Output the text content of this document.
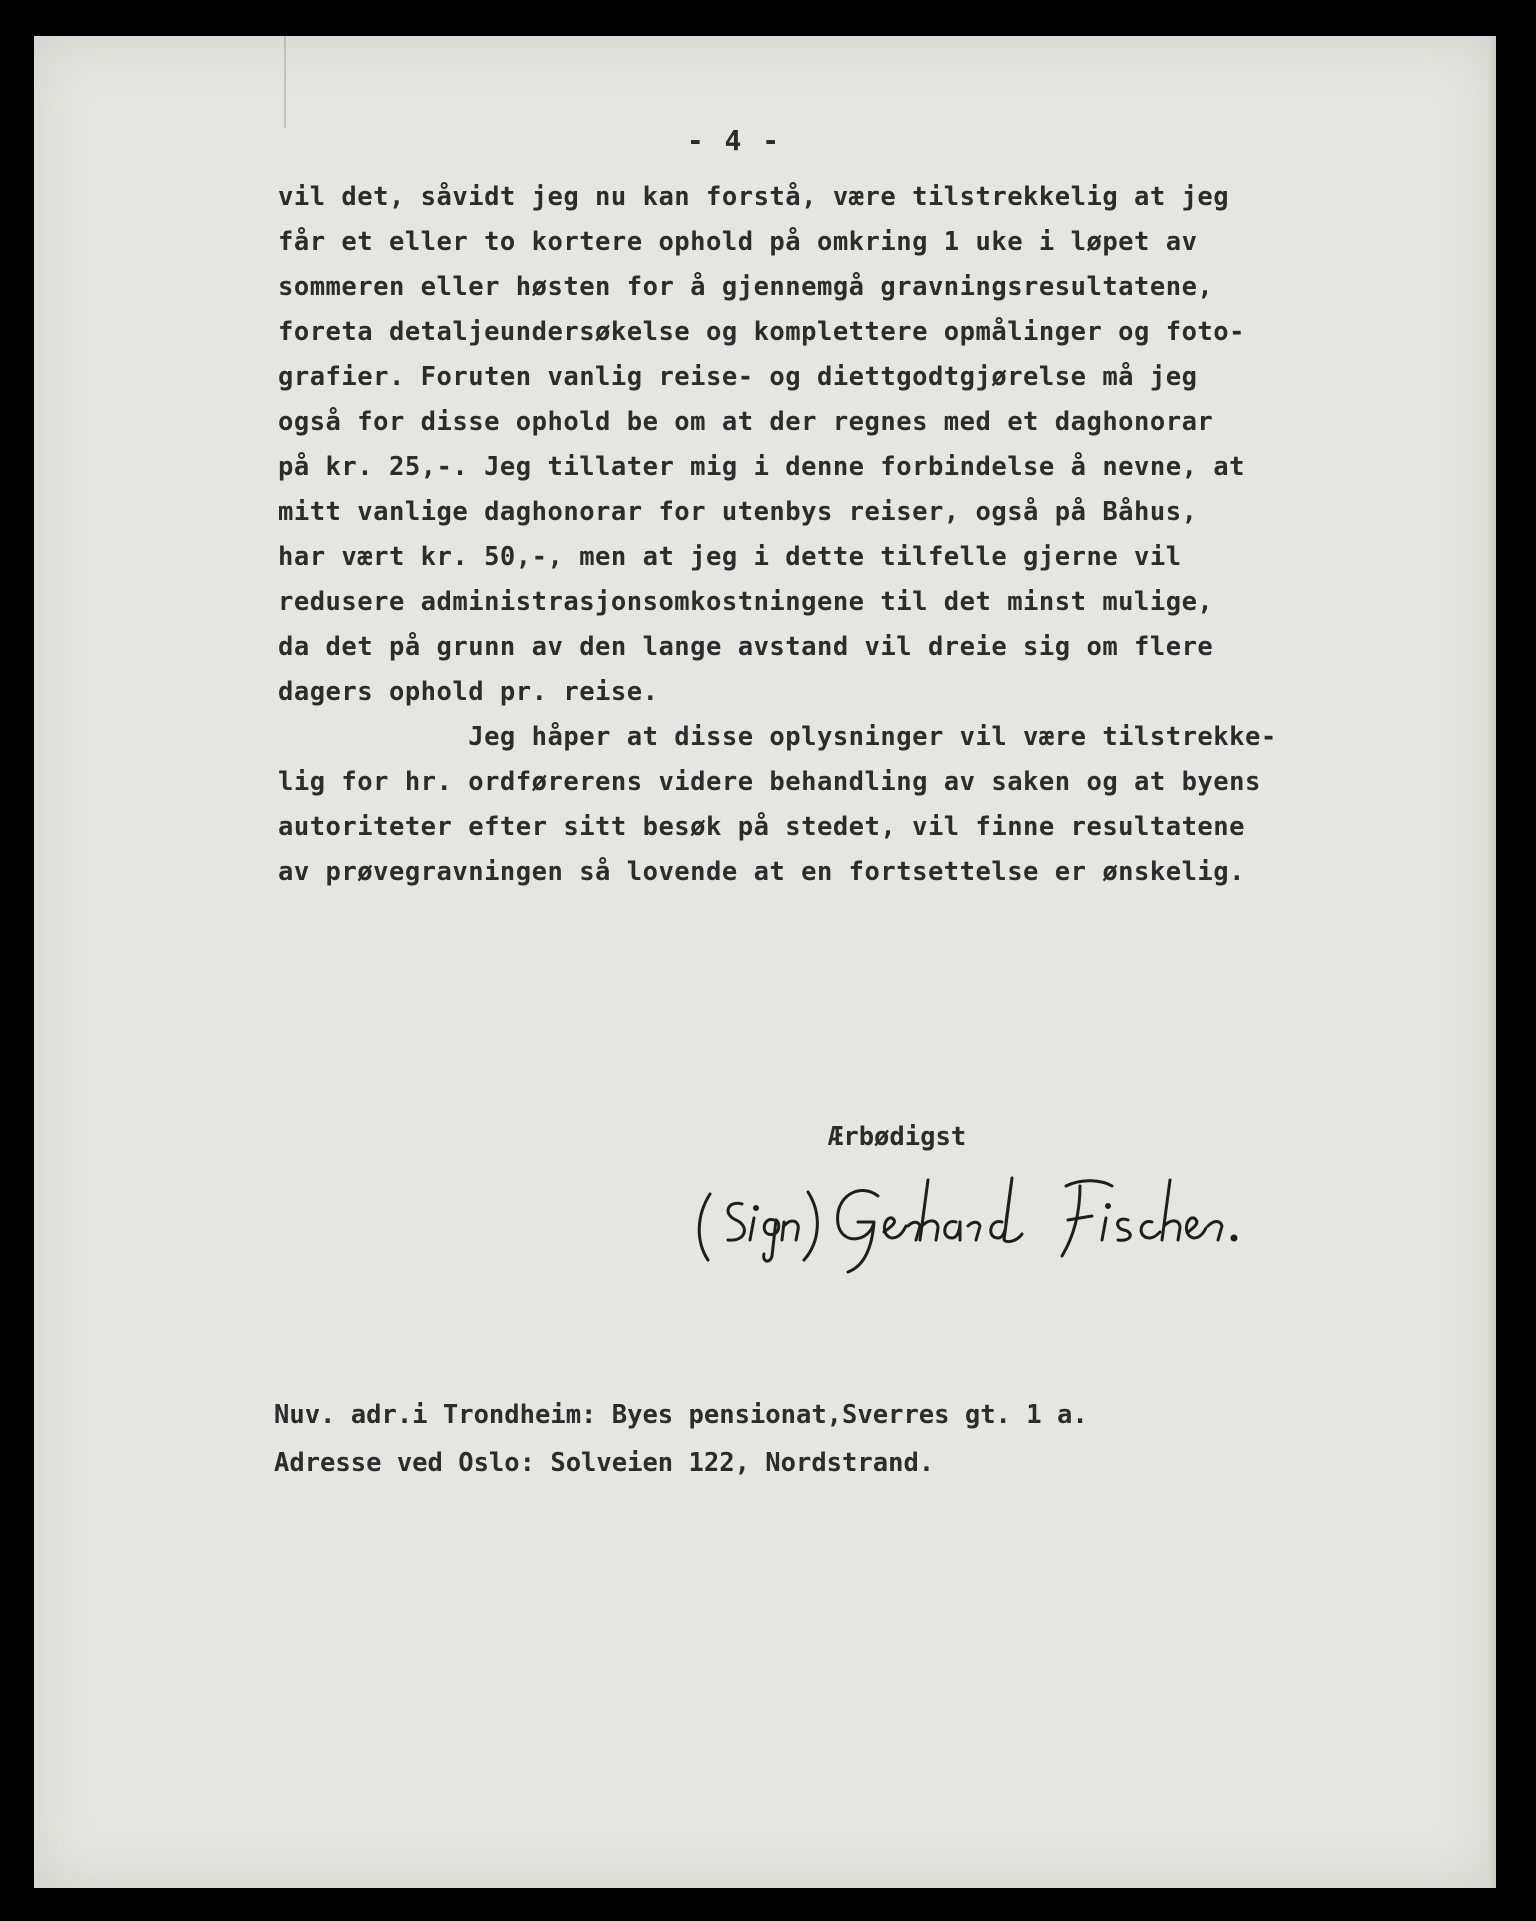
- 4 -
vil det, såvidt jeg nu kan forstå, være tilstrekkelig at jeg
får et eller to kortere ophold på omkring 1 uke i løpet av
sommeren eller høsten for å gjennemgå gravningsresultatene,
foreta detaljeundersøkelse og komplettere opmålinger og foto-
grafier. Foruten vanlig reise- og diettgodtgjørelse må jeg
også for disse ophold be om at der regnes med et daghonorar
på kr. 25,-. Jeg tillater mig i denne forbindelse å nevne, at
mitt vanlige daghonorar for utenbys reiser, også på Båhus,
har vært kr. 50,-, men at jeg i dette tilfelle gjerne vil
redusere administrasjonsomkostningene til det minst mulige,
da det på grunn av den lange avstand vil dreie sig om flere
dagers ophold pr. reise.
Jeg håper at disse oplysninger vil være tilstrekke-
lig for hr. ordførerens videre behandling av saken og at byens
autoriteter efter sitt besøk på stedet, vil finne resultatene
av prøvegravningen så lovende at en fortsettelse er ønskelig.
Ærbødigst
Nuv. adr.i Trondheim: Byes pensionat,Sverres gt. 1 a.
Adresse ved Oslo: Solveien 122, Nordstrand.
